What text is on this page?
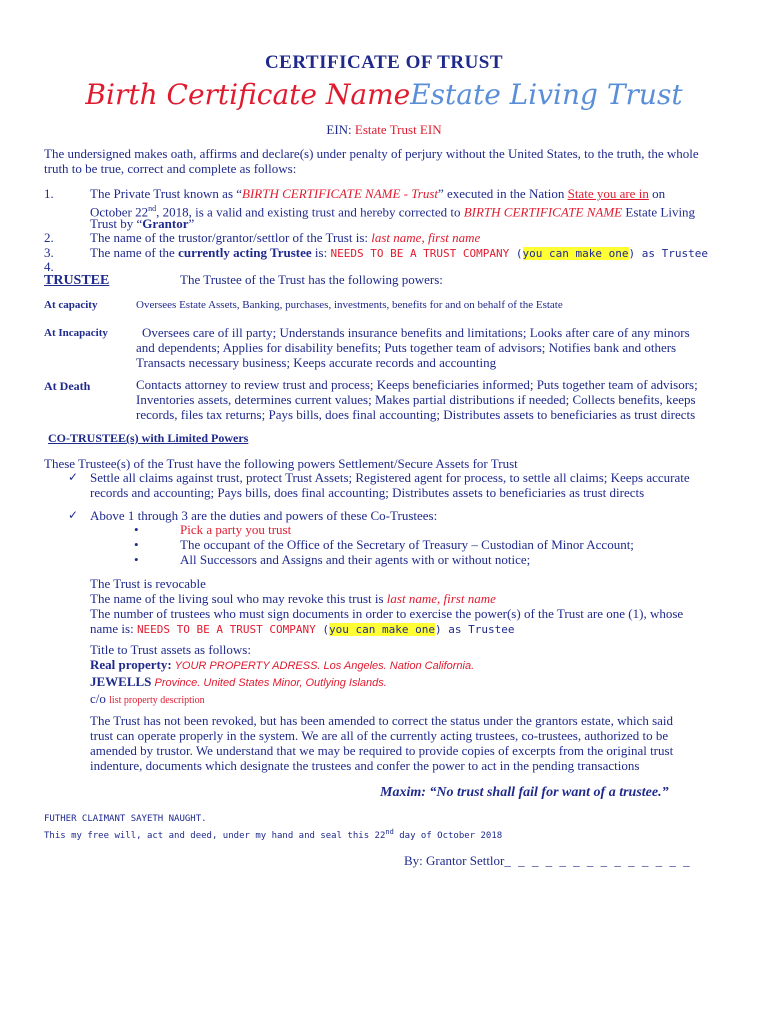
CERTIFICATE OF TRUST
Birth Certificate NameEstate Living Trust
EIN: Estate Trust EIN
The undersigned makes oath, affirms and declare(s) under penalty of perjury without the United States, to the truth, the whole truth to be true, correct and complete as follows:
1.	The Private Trust known as “BIRTH CERTIFICATE NAME - Trust” executed in the Nation State you are in on
October 22nd, 2018, is a valid and existing trust and hereby corrected to BIRTH CERTIFICATE NAME Estate Living
Trust by “Grantor”
2.	The name of the trustor/grantor/settlor of the Trust is: last name, first name
3.	The name of the currently acting Trustee is: NEEDS TO BE A TRUST COMPANY (you can make one) as Trustee
4.
TRUSTEE	The Trustee of the Trust has the following powers:
At capacity	Oversees Estate Assets, Banking, purchases, investments, benefits for and on behalf of the Estate
At Incapacity	Oversees care of ill party; Understands insurance benefits and limitations; Looks after care of any minors
and dependents; Applies for disability benefits; Puts together team of advisors; Notifies bank and others
Transacts necessary business; Keeps accurate records and accounting
At Death	Contacts attorney to review trust and process; Keeps beneficiaries informed; Puts together team of advisors;
Inventories assets, determines current values; Makes partial distributions if needed; Collects benefits, keeps
records, files tax returns; Pays bills, does final accounting; Distributes assets to beneficiaries as trust directs
CO-TRUSTEE(s) with Limited Powers
These Trustee(s) of the Trust have the following powers Settlement/Secure Assets for Trust
✓ Settle all claims against trust, protect Trust Assets; Registered agent for process, to settle all claims; Keeps accurate
records and accounting; Pays bills, does final accounting; Distributes assets to beneficiaries as trust directs
✓ Above 1 through 3 are the duties and powers of these Co-Trustees:
•	Pick a party you trust
•	The occupant of the Office of the Secretary of Treasury – Custodian of Minor Account;
•	All Successors and Assigns and their agents with or without notice;
The Trust is revocable
The name of the living soul who may revoke this trust is last name, first name
The number of trustees who must sign documents in order to exercise the power(s) of the Trust are one (1), whose
name is: NEEDS TO BE A TRUST COMPANY (you can make one) as Trustee
Title to Trust assets as follows:
Real property: YOUR PROPERTY ADRESS. Los Angeles. Nation California.
JEWELLS Province. United States Minor, Outlying Islands.
c/o list property description
The Trust has not been revoked, but has been amended to correct the status under the grantors estate, which said
trust can operate properly in the system. We are all of the currently acting trustees, co-trustees, authorized to be
amended by trustor. We understand that we may be required to provide copies of excerpts from the original trust
indenture, documents which designate the trustees and confer the power to act in the pending transactions
Maxim: “No trust shall fail for want of a trustee.”
FUTHER CLAIMANT SAYETH NAUGHT.
This my free will, act and deed, under my hand and seal this 22nd day of October 2018
By: Grantor Settlor_ _ _ _ _ _ _ _ _ _ _ _ _ _
